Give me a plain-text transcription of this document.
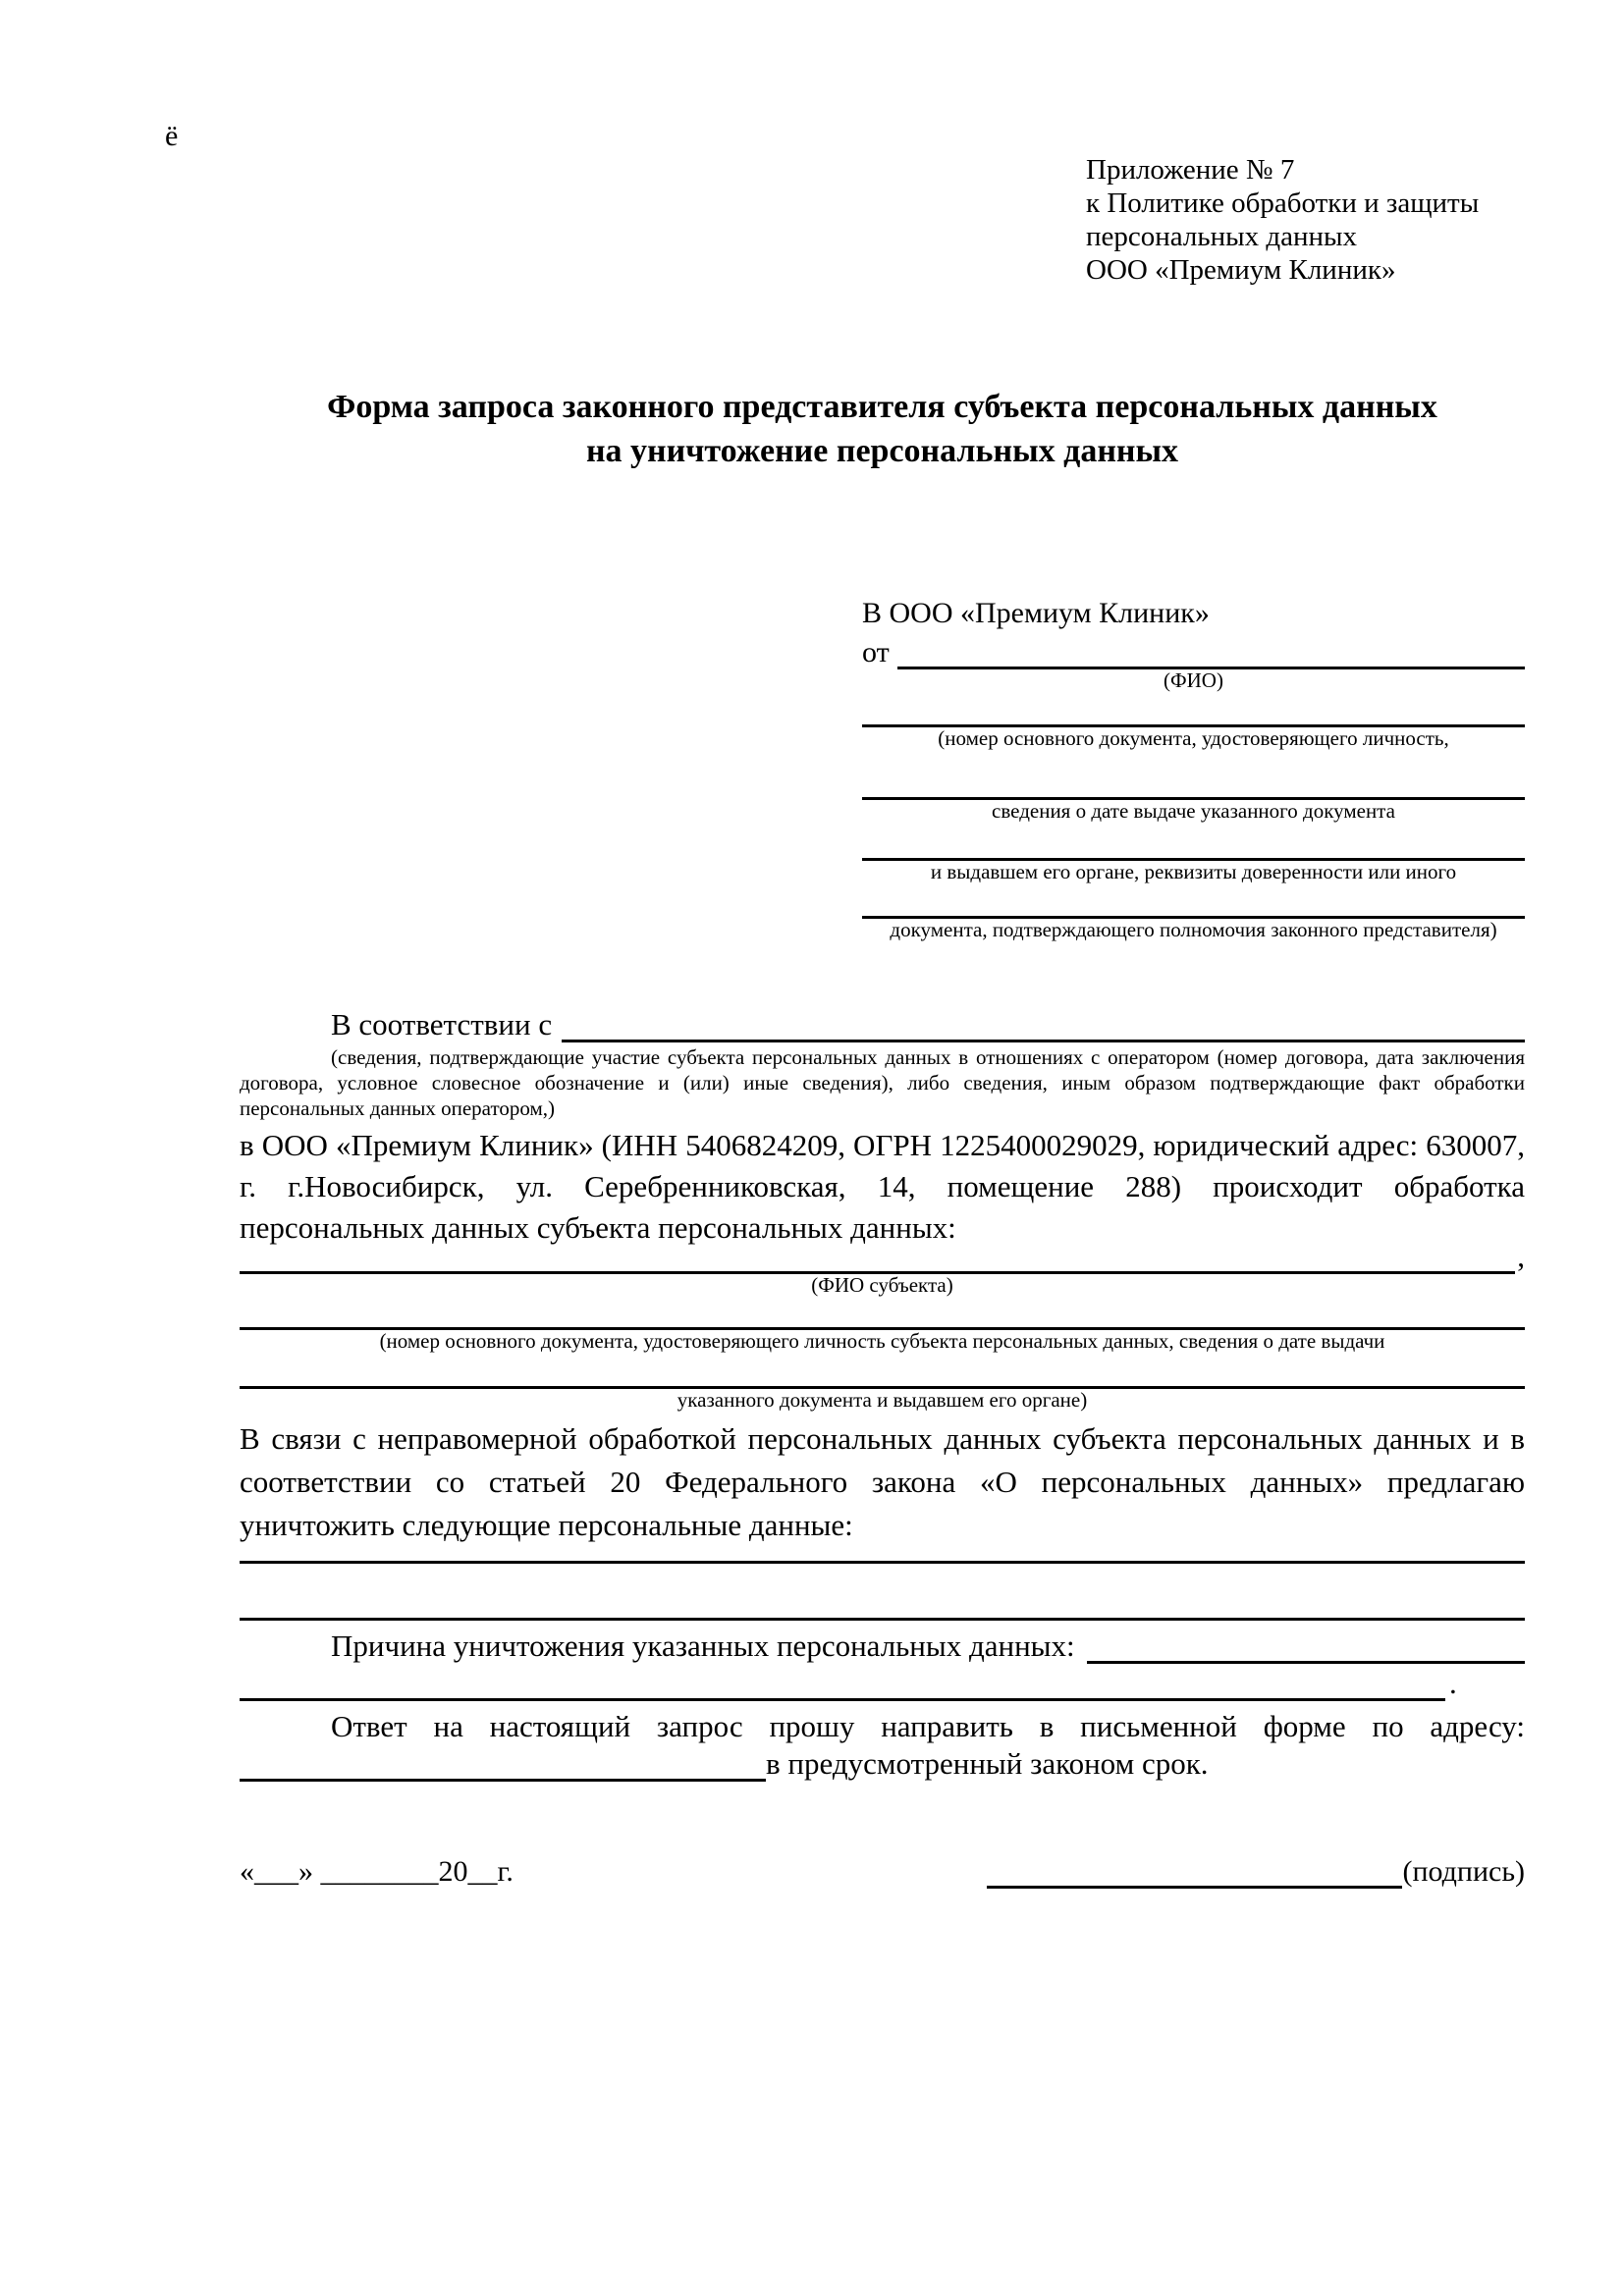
ё
Приложение № 7
к Политике обработки и защиты
персональных данных
ООО «Премиум Клиник»
Форма запроса законного представителя субъекта персональных данных
на уничтожение персональных данных
В ООО «Премиум Клиник»
от
(ФИО)
(номер основного документа, удостоверяющего личность,
сведения о дате выдаче указанного документа
и выдавшем его органе, реквизиты доверенности или иного
документа, подтверждающего полномочия законного представителя)
В соответствии с
(сведения, подтверждающие участие субъекта персональных данных в отношениях с оператором (номер договора, дата заключения договора, условное словесное обозначение и (или) иные сведения), либо сведения, иным образом подтверждающие факт обработки персональных данных оператором,)
в ООО «Премиум Клиник» (ИНН 5406824209, ОГРН 1225400029029, юридический адрес: 630007, г. г.Новосибирск, ул. Серебренниковская, 14, помещение 288) происходит обработка персональных данных субъекта персональных данных:
,
(ФИО субъекта)
(номер основного документа, удостоверяющего личность субъекта персональных данных, сведения о дате выдачи
указанного документа и выдавшем его органе)
В связи с неправомерной обработкой персональных данных субъекта персональных данных и в соответствии со статьей 20 Федерального закона «О персональных данных» предлагаю уничтожить следующие персональные данные:
Причина уничтожения указанных персональных данных:
.
Ответ на настоящий запрос прошу направить в письменной форме по адресу:
в предусмотренный законом срок.
«___» ________20__г.	(подпись)
